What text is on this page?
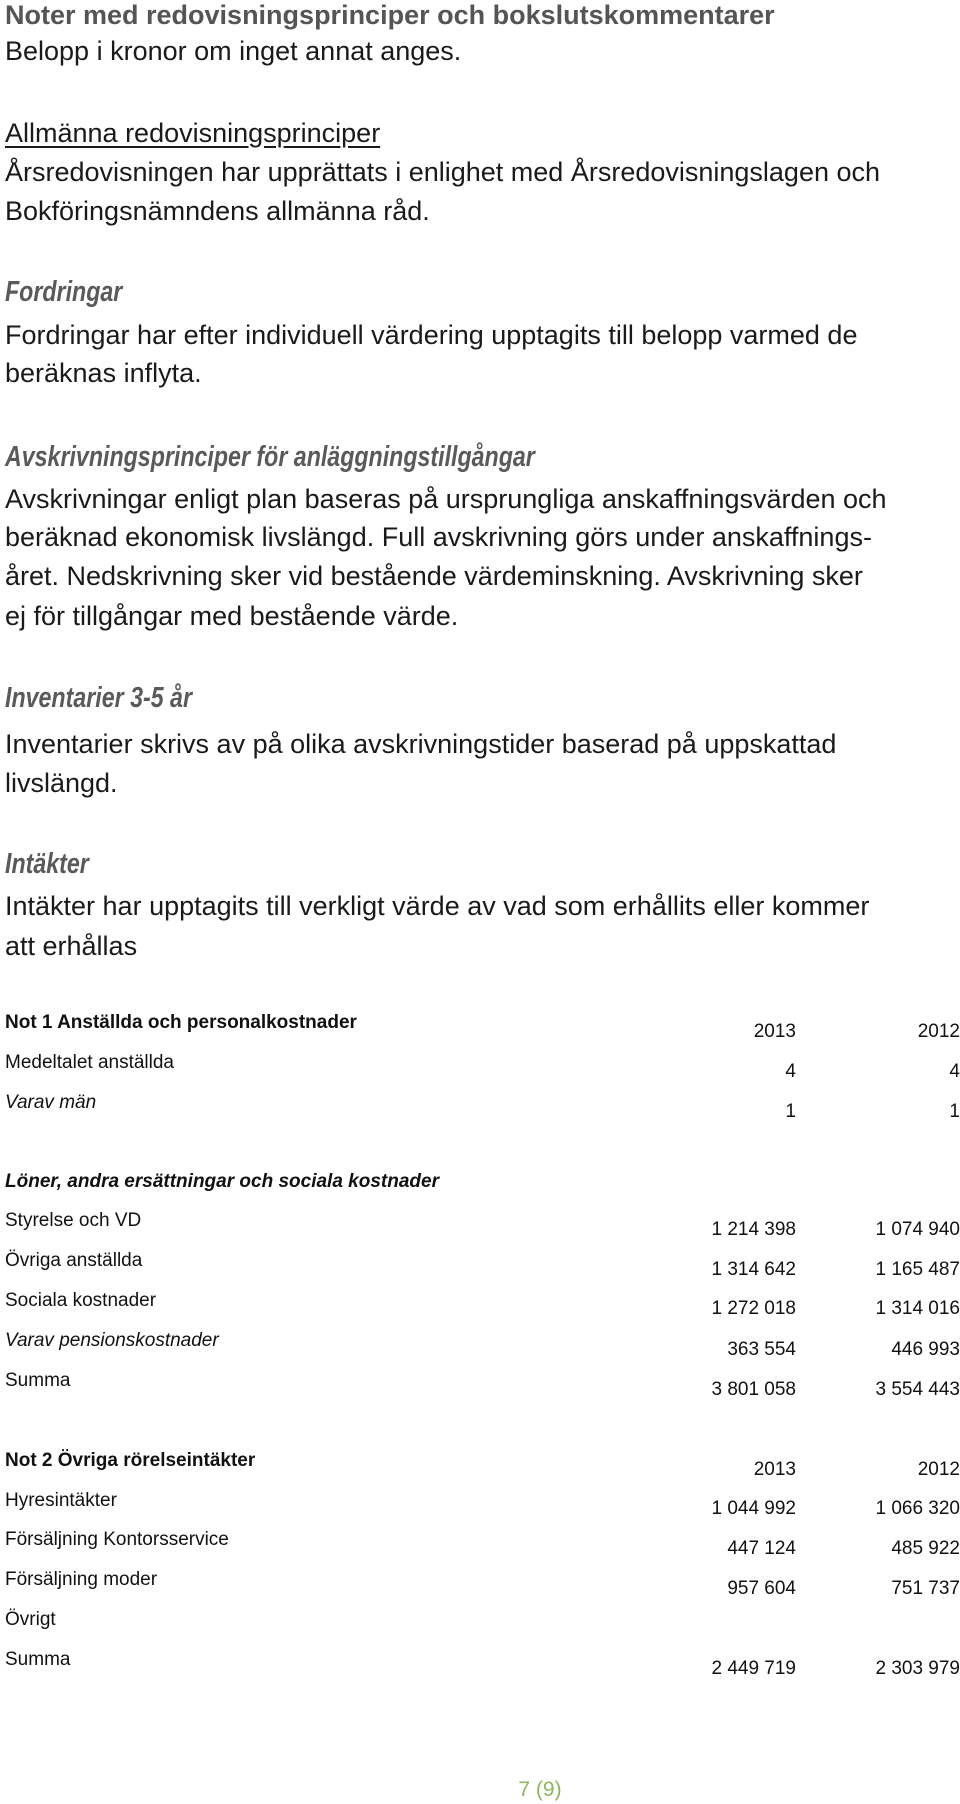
Noter med redovisningsprinciper och bokslutskommentarer
Belopp i kronor om inget annat anges.
Allmänna redovisningsprinciper
Årsredovisningen har upprättats i enlighet med Årsredovisningslagen och
Bokföringsnämndens allmänna råd.
Fordringar
Fordringar har efter individuell värdering upptagits till belopp varmed de
beräknas inflyta.
Avskrivningsprinciper för anläggningstillgångar
Avskrivningar enligt plan baseras på ursprungliga anskaffningsvärden och
beräknad ekonomisk livslängd. Full avskrivning görs under anskaffnings-
året. Nedskrivning sker vid bestående värdeminskning. Avskrivning sker
ej för tillgångar med bestående värde.
Inventarier 3-5 år
Inventarier skrivs av på olika avskrivningstider baserad på uppskattad
livslängd.
Intäkter
Intäkter har upptagits till verkligt värde av vad som erhållits eller kommer
att erhållas
Not 1 Anställda och personalkostnader	2013	2012
Medeltalet anställda	4	4
Varav män	1	1
Löner, andra ersättningar och sociala kostnader
Styrelse och VD	1 214 398	1 074 940
Övriga anställda	1 314 642	1 165 487
Sociala kostnader	1 272 018	1 314 016
Varav pensionskostnader	363 554	446 993
Summa	3 801 058	3 554 443
Not 2 Övriga rörelseintäkter	2013	2012
Hyresintäkter	1 044 992	1 066 320
Försäljning Kontorsservice	447 124	485 922
Försäljning moder	957 604	751 737
Övrigt
Summa	2 449 719	2 303 979
7 (9)
